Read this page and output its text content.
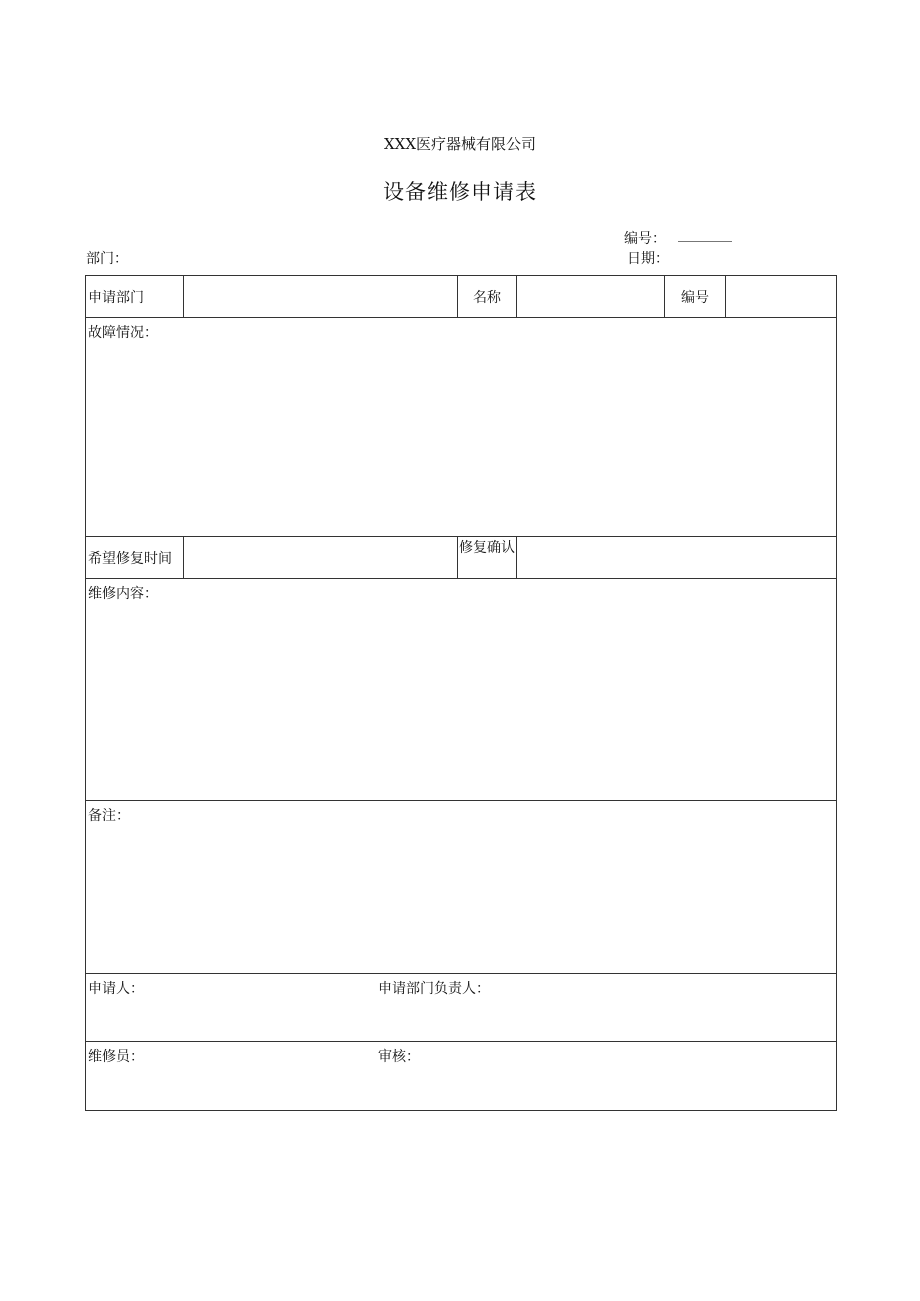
XXX医疗器械有限公司
设备维修申请表
编号：
部门：	日期：
申请部门		名称		编号	
故障情况：					
希望修复时间		修复确认			
维修内容：					
备注：					

申请人： 申请部门负责人：					

维修员： 审核：					
